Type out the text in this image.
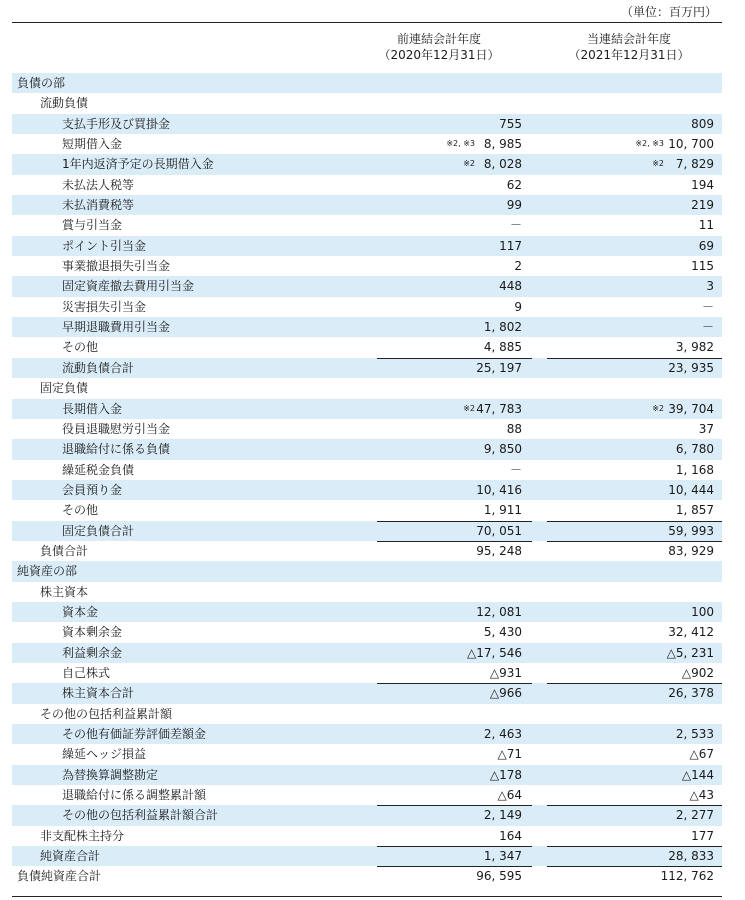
（単位：百万円）
前連結会計年度
（2020年12月31日）
当連結会計年度
（2021年12月31日）
負債の部
流動負債
支払手形及び買掛金	755	809
短期借入金	※2, ※3 8, 985	※2, ※3 10, 700
1年内返済予定の長期借入金	※2 8, 028	※2 7, 829
未払法人税等	62	194
未払消費税等	99	219
賞与引当金	－	11
ポイント引当金	117	69
事業撤退損失引当金	2	115
固定資産撤去費用引当金	448	3
災害損失引当金	9	－
早期退職費用引当金	1, 802	－
その他	4, 885	3, 982
流動負債合計	25, 197	23, 935
固定負債
長期借入金	※2 47, 783	※2 39, 704
役員退職慰労引当金	88	37
退職給付に係る負債	9, 850	6, 780
繰延税金負債	－	1, 168
会員預り金	10, 416	10, 444
その他	1, 911	1, 857
固定負債合計	70, 051	59, 993
負債合計	95, 248	83, 929
純資産の部
株主資本
資本金	12, 081	100
資本剰余金	5, 430	32, 412
利益剰余金	△17, 546	△5, 231
自己株式	△931	△902
株主資本合計	△966	26, 378
その他の包括利益累計額
その他有価証券評価差額金	2, 463	2, 533
繰延ヘッジ損益	△71	△67
為替換算調整勘定	△178	△144
退職給付に係る調整累計額	△64	△43
その他の包括利益累計額合計	2, 149	2, 277
非支配株主持分	164	177
純資産合計	1, 347	28, 833
負債純資産合計	96, 595	112, 762
